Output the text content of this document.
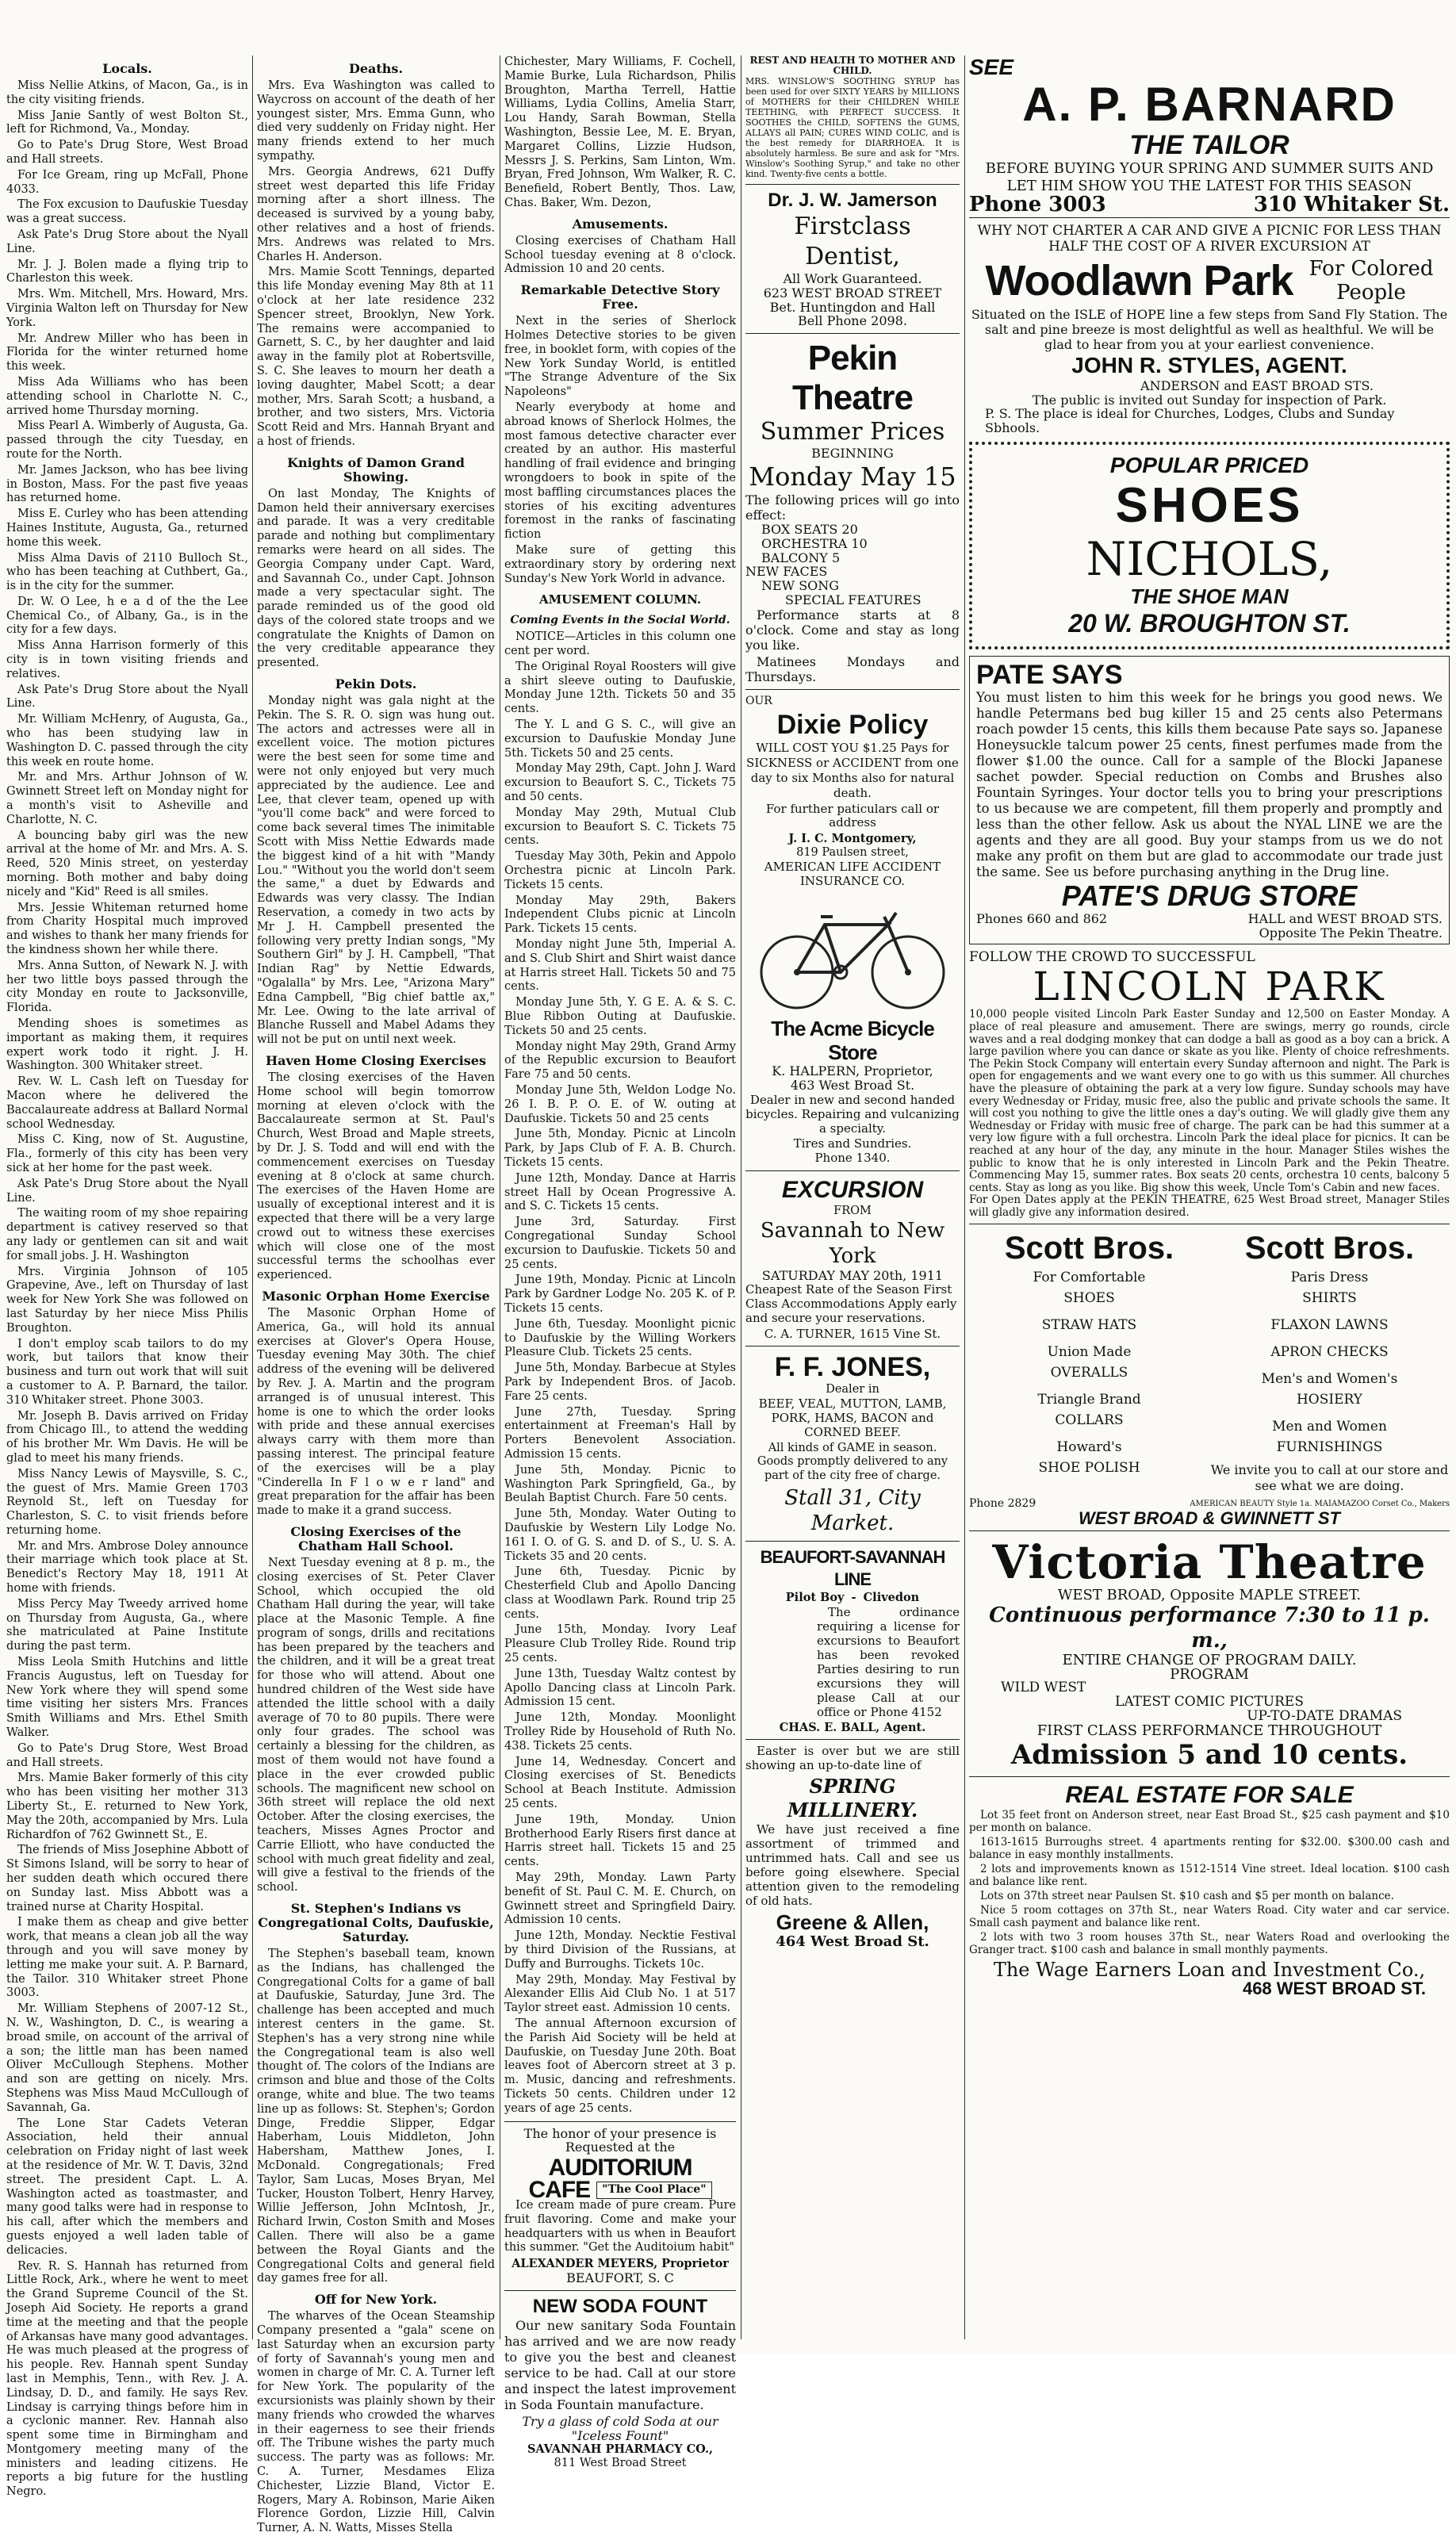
Locals.

Miss Nellie Atkins, of Macon, Ga., is in the city visiting friends.

Miss Janie Santly of west Bolton St., left for Richmond, Va., Monday.

Go to Pate's Drug Store, West Broad and Hall streets.

For Ice Gream, ring up McFall, Phone 4033.

The Fox excusion to Daufuskie Tuesday was a great success.

Ask Pate's Drug Store about the Nyall Line.

Mr. J. J. Bolen made a flying trip to Charleston this week.

Mrs. Wm. Mitchell, Mrs. Howard, Mrs. Virginia Walton left on Thursday for New York.

Mr. Andrew Miller who has been in Florida for the winter returned home this week.

Miss Ada Williams who has been attending school in Charlotte N. C., arrived home Thursday morning.

Miss Pearl A. Wimberly of Augusta, Ga. passed through the city Tuesday, en route for the North.

Mr. James Jackson, who has bee living in Boston, Mass. For the past five yeaas has returned home.

Miss E. Curley who has been attending Haines Institute, Augusta, Ga., returned home this week.

Miss Alma Davis of 2110 Bulloch St., who has been teaching at Cuthbert, Ga., is in the city for the summer.

Dr. W. O Lee, h e a d of the the Lee Chemical Co., of Albany, Ga., is in the city for a few days.

Miss Anna Harrison formerly of this city is in town visiting friends and relatives.

Ask Pate's Drug Store about the Nyall Line.

Mr. William McHenry, of Augusta, Ga., who has been studying law in Washington D. C. passed through the city this week en route home.

Mr. and Mrs. Arthur Johnson of W. Gwinnett Street left on Monday night for a month's visit to Asheville and Charlotte, N. C.

A bouncing baby girl was the new arrival at the home of Mr. and Mrs. A. S. Reed, 520 Minis street, on yesterday morning. Both mother and baby doing nicely and "Kid" Reed is all smiles.

Mrs. Jessie Whiteman returned home from Charity Hospital much improved and wishes to thank her many friends for the kindness shown her while there.

Mrs. Anna Sutton, of Newark N. J. with her two little boys passed through the city Monday en route to Jacksonville, Florida.

Mending shoes is sometimes as important as making them, it requires expert work todo it right. J. H. Washington. 300 Whitaker street.

Rev. W. L. Cash left on Tuesday for Macon where he delivered the Baccalaureate address at Ballard Normal school Wednesday.

Miss C. King, now of St. Augustine, Fla., formerly of this city has been very sick at her home for the past week.

Ask Pate's Drug Store about the Nyall Line.

The waiting room of my shoe repairing department is cativey reserved so that any lady or gentlemen can sit and wait for small jobs. J. H. Washington

Mrs. Virginia Johnson of 105 Grapevine, Ave., left on Thursday of last week for New York She was followed on last Saturday by her niece Miss Philis Broughton.

I don't employ scab tailors to do my work, but tailors that know their business and turn out work that will suit a customer to A. P. Barnard, the tailor. 310 Whitaker street. Phone 3003.

Mr. Joseph B. Davis arrived on Friday from Chicago Ill., to attend the wedding of his brother Mr. Wm Davis. He will be glad to meet his many friends.

Miss Nancy Lewis of Maysville, S. C., the guest of Mrs. Mamie Green 1703 Reynold St., left on Tuesday for Charleston, S. C. to visit friends before returning home.

Mr. and Mrs. Ambrose Doley announce their marriage which took place at St. Benedict's Rectory May 18, 1911 At home with friends.

Miss Percy May Tweedy arrived home on Thursday from Augusta, Ga., where she matriculated at Paine Institute during the past term.

Miss Leola Smith Hutchins and little Francis Augustus, left on Tuesday for New York where they will spend some time visiting her sisters Mrs. Frances Smith Williams and Mrs. Ethel Smith Walker.

Go to Pate's Drug Store, West Broad and Hall streets.

Mrs. Mamie Baker formerly of this city who has been visiting her mother 313 Liberty St., E. returned to New York, May the 20th, accompanied by Mrs. Lula Richardfon of 762 Gwinnett St., E.

The friends of Miss Josephine Abbott of St Simons Island, will be sorry to hear of her sudden death which occured there on Sunday last. Miss Abbott was a trained nurse at Charity Hospital.

I make them as cheap and give better work, that means a clean job all the way through and you will save money by letting me make your suit. A. P. Barnard, the Tailor. 310 Whitaker street Phone 3003.

Mr. William Stephens of 2007-12 St., N. W., Washington, D. C., is wearing a broad smile, on account of the arrival of a son; the little man has been named Oliver McCullough Stephens. Mother and son are getting on nicely. Mrs. Stephens was Miss Maud McCullough of Savannah, Ga.

The Lone Star Cadets Veteran Association, held their annual celebration on Friday night of last week at the residence of Mr. W. T. Davis, 32nd street. The president Capt. L. A. Washington acted as toastmaster, and many good talks were had in response to his call, after which the members and guests enjoyed a well laden table of delicacies.

Rev. R. S. Hannah has returned from Little Rock, Ark., where he went to meet the Grand Supreme Council of the St. Joseph Aid Society. He reports a grand time at the meeting and that the people of Arkansas have many good advantages. He was much pleased at the progress of his people. Rev. Hannah spent Sunday last in Memphis, Tenn., with Rev. J. A. Lindsay, D. D., and family. He says Rev. Lindsay is carrying things before him in a cyclonic manner. Rev. Hannah also spent some time in Birmingham and Montgomery meeting many of the ministers and leading citizens. He reports a big future for the hustling Negro.

Deaths.

Mrs. Eva Washington was called to Waycross on account of the death of her youngest sister, Mrs. Emma Gunn, who died very suddenly on Friday night. Her many friends extend to her much sympathy.

Mrs. Georgia Andrews, 621 Duffy street west departed this life Friday morning after a short illness. The deceased is survived by a young baby, other relatives and a host of friends. Mrs. Andrews was related to Mrs. Charles H. Anderson.

Mrs. Mamie Scott Tennings, departed this life Monday evening May 8th at 11 o'clock at her late residence 232 Spencer street, Brooklyn, New York. The remains were accompanied to Garnett, S. C., by her daughter and laid away in the family plot at Robertsville, S. C. She leaves to mourn her death a loving daughter, Mabel Scott; a dear mother, Mrs. Sarah Scott; a husband, a brother, and two sisters, Mrs. Victoria Scott Reid and Mrs. Hannah Bryant and a host of friends.

Knights of Damon Grand Showing.

On last Monday, The Knights of Damon held their anniversary exercises and parade. It was a very creditable parade and nothing but complimentary remarks were heard on all sides. The Georgia Company under Capt. Ward, and Savannah Co., under Capt. Johnson made a very spectacular sight. The parade reminded us of the good old days of the colored state troops and we congratulate the Knights of Damon on the very creditable appearance they presented.

Pekin Dots.

Monday night was gala night at the Pekin. The S. R. O. sign was hung out. The actors and actresses were all in excellent voice. The motion pictures were the best seen for some time and were not only enjoyed but very much appreciated by the audience. Lee and Lee, that clever team, opened up with "you'll come back" and were forced to come back several times The inimitable Scott with Miss Nettie Edwards made the biggest kind of a hit with "Mandy Lou." "Without you the world don't seem the same," a duet by Edwards and Edwards was very classy. The Indian Reservation, a comedy in two acts by Mr J. H. Campbell presented the following very pretty Indian songs, "My Southern Girl" by J. H. Campbell, "That Indian Rag" by Nettie Edwards, "Ogalalla" by Mrs. Lee, "Arizona Mary" Edna Campbell, "Big chief battle ax," Mr. Lee. Owing to the late arrival of Blanche Russell and Mabel Adams they will not be put on until next week.

Haven Home Closing Exercises

The closing exercises of the Haven Home school will begin tomorrow morning at eleven o'clock with the Baccalaureate sermon at St. Paul's Church, West Broad and Maple streets, by Dr. J. S. Todd and will end with the commencement exercises on Tuesday evening at 8 o'clock at same church. The exercises of the Haven Home are usually of exceptional interest and it is expected that there will be a very large crowd out to witness these exercises which will close one of the most successful terms the schoolhas ever experienced.

Masonic Orphan Home Exercise

The Masonic Orphan Home of America, Ga., will hold its annual exercises at Glover's Opera House, Tuesday evening May 30th. The chief address of the evening will be delivered by Rev. J. A. Martin and the program arranged is of unusual interest. This home is one to which the order looks with pride and these annual exercises always carry with them more than passing interest. The principal feature of the exercises will be a play "Cinderella In F l o w e r land" and great preparation for the affair has been made to make it a grand success.

Closing Exercises of the Chatham Hall School.

Next Tuesday evening at 8 p. m., the closing exercises of St. Peter Claver School, which occupied the old Chatham Hall during the year, will take place at the Masonic Temple. A fine program of songs, drills and recitations has been prepared by the teachers and the children, and it will be a great treat for those who will attend. About one hundred children of the West side have attended the little school with a daily average of 70 to 80 pupils. There were only four grades. The school was certainly a blessing for the children, as most of them would not have found a place in the ever crowded public schools. The magnificent new school on 36th street will replace the old next October. After the closing exercises, the teachers, Misses Agnes Proctor and Carrie Elliott, who have conducted the school with much great fidelity and zeal, will give a festival to the friends of the school.

St. Stephen's Indians vs Congregational Colts, Daufuskie, Saturday.

The Stephen's baseball team, known as the Indians, has challenged the Congregational Colts for a game of ball at Daufuskie, Saturday, June 3rd. The challenge has been accepted and much interest centers in the game. St. Stephen's has a very strong nine while the Congregational team is also well thought of. The colors of the Indians are crimson and blue and those of the Colts orange, white and blue. The two teams line up as follows: St. Stephen's; Gordon Dinge, Freddie Slipper, Edgar Haberham, Louis Middleton, John Habersham, Matthew Jones, I. McDonald. Congregationals; Fred Taylor, Sam Lucas, Moses Bryan, Mel Tucker, Houston Tolbert, Henry Harvey, Willie Jefferson, John McIntosh, Jr., Richard Irwin, Coston Smith and Moses Callen. There will also be a game between the Royal Giants and the Congregational Colts and general field day games free for all.

Off for New York.

The wharves of the Ocean Steamship Company presented a "gala" scene on last Saturday when an excursion party of forty of Savannah's young men and women in charge of Mr. C. A. Turner left for New York. The popularity of the excursionists was plainly shown by their many friends who crowded the wharves in their eagerness to see their friends off. The Tribune wishes the party much success. The party was as follows: Mr. C. A. Turner, Mesdames Eliza Chichester, Lizzie Bland, Victor E. Rogers, Mary A. Robinson, Marie Aiken Florence Gordon, Lizzie Hill, Calvin Turner, A. N. Watts, Misses Stella

Chichester, Mary Williams, F. Cochell, Mamie Burke, Lula Richardson, Philis Broughton, Martha Terrell, Hattie Williams, Lydia Collins, Amelia Starr, Lou Handy, Sarah Bowman, Stella Washington, Bessie Lee, M. E. Bryan, Margaret Collins, Lizzie Hudson, Messrs J. S. Perkins, Sam Linton, Wm. Bryan, Fred Johnson, Wm Walker, R. C. Benefield, Robert Bently, Thos. Law, Chas. Baker, Wm. Dezon,

Amusements.

Closing exercises of Chatham Hall School tuesday evening at 8 o'clock. Admission 10 and 20 cents.

Remarkable Detective Story Free.

Next in the series of Sherlock Holmes Detective stories to be given free, in booklet form, with copies of the New York Sunday World, is entitled "The Strange Adventure of the Six Napoleons"

Nearly everybody at home and abroad knows of Sherlock Holmes, the most famous detective character ever created by an author. His masterful handling of frail evidence and bringing wrongdoers to book in spite of the most baffling circumstances places the stories of his exciting adventures foremost in the ranks of fascinating fiction

Make sure of getting this extraordinary story by ordering next Sunday's New York World in advance.

AMUSEMENT COLUMN.
Coming Events in the Social World.

NOTICE—Articles in this column one cent per word.

The Original Royal Roosters will give a shirt sleeve outing to Daufuskie, Monday June 12th. Tickets 50 and 35 cents.

The Y. L and G S. C., will give an excursion to Daufuskie Monday June 5th. Tickets 50 and 25 cents.

Monday May 29th, Capt. John J. Ward excursion to Beaufort S. C., Tickets 75 and 50 cents.

Monday May 29th, Mutual Club excursion to Beaufort S. C. Tickets 75 cents.

Tuesday May 30th, Pekin and Appolo Orchestra picnic at Lincoln Park. Tickets 15 cents.

Monday May 29th, Bakers Independent Clubs picnic at Lincoln Park. Tickets 15 cents.

Monday night June 5th, Imperial A. and S. Club Shirt and Shirt waist dance at Harris street Hall. Tickets 50 and 75 cents.

Monday June 5th, Y. G E. A. & S. C. Blue Ribbon Outing at Daufuskie. Tickets 50 and 25 cents.

Monday night May 29th, Grand Army of the Republic excursion to Beaufort Fare 75 and 50 cents.

Monday June 5th, Weldon Lodge No. 26 I. B. P. O. E. of W. outing at Daufuskie. Tickets 50 and 25 cents

June 5th, Monday. Picnic at Lincoln Park, by Japs Club of F. A. B. Church. Tickets 15 cents.

June 12th, Monday. Dance at Harris street Hall by Ocean Progressive A. and S. C. Tickets 15 cents.

June 3rd, Saturday. First Congregational Sunday School excursion to Daufuskie. Tickets 50 and 25 cents.

June 19th, Monday. Picnic at Lincoln Park by Gardner Lodge No. 205 K. of P. Tickets 15 cents.

June 6th, Tuesday. Moonlight picnic to Daufuskie by the Willing Workers Pleasure Club. Tickets 25 cents.

June 5th, Monday. Barbecue at Styles Park by Independent Bros. of Jacob. Fare 25 cents.

June 27th, Tuesday. Spring entertainment at Freeman's Hall by Porters Benevolent Association. Admission 15 cents.

June 5th, Monday. Picnic to Washington Park Springfield, Ga., by Beulah Baptist Church. Fare 50 cents.

June 5th, Monday. Water Outing to Daufuskie by Western Lily Lodge No. 161 I. O. of G. S. and D. of S., U. S. A. Tickets 35 and 20 cents.

June 6th, Tuesday. Picnic by Chesterfield Club and Apollo Dancing class at Woodlawn Park. Round trip 25 cents.

June 15th, Monday. Ivory Leaf Pleasure Club Trolley Ride. Round trip 25 cents.

June 13th, Tuesday Waltz contest by Apollo Dancing class at Lincoln Park. Admission 15 cent.

June 12th, Monday. Moonlight Trolley Ride by Household of Ruth No. 438. Tickets 25 cents.

June 14, Wednesday. Concert and Closing exercises of St. Benedicts School at Beach Institute. Admission 25 cents.

June 19th, Monday. Union Brotherhood Early Risers first dance at Harris street hall. Tickets 15 and 25 cents.

May 29th, Monday. Lawn Party benefit of St. Paul C. M. E. Church, on Gwinnett street and Springfield Dairy. Admission 10 cents.

June 12th, Monday. Necktie Festival by third Division of the Russians, at Duffy and Burroughs. Tickets 10c.

May 29th, Monday. May Festival by Alexander Ellis Aid Club No. 1 at 517 Taylor street east. Admission 10 cents.

The annual Afternoon excursion of the Parish Aid Society will be held at Daufuskie, on Tuesday June 20th. Boat leaves foot of Abercorn street at 3 p. m. Music, dancing and refreshments. Tickets 50 cents. Children under 12 years of age 25 cents.

The honor of your presence is
Requested at the
AUDITORIUM
CAFE	"The Cool Place"

Ice cream made of pure cream. Pure fruit flavoring. Come and make your headquarters with us when in Beaufort this summer. "Get the Auditoium habit"

ALEXANDER MEYERS, Proprietor
BEAUFORT, S. C
NEW SODA FOUNT

Our new sanitary Soda Fountain has arrived and we are now ready to give you the best and cleanest service to be had. Call at our store and inspect the latest improvement in Soda Fountain manufacture.

Try a glass of cold Soda at our "Iceless Fount"
SAVANNAH PHARMACY CO.,
811 West Broad Street
REST AND HEALTH TO MOTHER AND CHILD.
MRS. WINSLOW'S SOOTHING SYRUP has been used for over SIXTY YEARS by MILLIONS of MOTHERS for their CHILDREN WHILE TEETHING, with PERFECT SUCCESS. It SOOTHES the CHILD, SOFTENS the GUMS, ALLAYS all PAIN; CURES WIND COLIC, and is the best remedy for DIARRHOEA. It is absolutely harmless. Be sure and ask for "Mrs. Winslow's Soothing Syrup," and take no other kind. Twenty-five cents a bottle.
Dr. J. W. Jamerson
Firstclass Dentist,
All Work Guaranteed.
623 WEST BROAD STREET
Bet. Huntingdon and Hall
Bell Phone 2098.
Pekin Theatre
Summer Prices
BEGINNING
Monday May 15
The following prices will go into effect:
BOX SEATS 20
ORCHESTRA 10
BALCONY 5
NEW FACES
NEW SONG
SPECIAL FEATURES

Performance starts at 8 o'clock. Come and stay as long you like.

Matinees Mondays and Thursdays.

OUR
Dixie Policy

WILL COST YOU $1.25 Pays for SICKNESS or ACCIDENT from one day to six Months also for natural death.

For further paticulars call or address

J. I. C. Montgomery,
819 Paulsen street,
AMERICAN LIFE ACCIDENT INSURANCE CO.
The Acme Bicycle Store
K. HALPERN, Proprietor,
463 West Broad St.

Dealer in new and second handed bicycles. Repairing and vulcanizing a specialty.

Tires and Sundries.
Phone 1340.
EXCURSION
FROM
Savannah to New York
SATURDAY MAY 20th, 1911

Cheapest Rate of the Season First Class Accommodations Apply early and secure your reservations.

C. A. TURNER, 1615 Vine St.
F. F. JONES,
Dealer in

BEEF, VEAL, MUTTON, LAMB, PORK, HAMS, BACON and CORNED BEEF.

All kinds of GAME in season.

Goods promptly delivered to any part of the city free of charge.

Stall 31, City Market.
BEAUFORT-SAVANNAH LINE
Pilot Boy - Clivedon

The ordinance requiring a license for excursions to Beaufort has been revoked Parties desiring to run excursions they will please Call at our office or Phone 4152

CHAS. E. BALL, Agent.

Easter is over but we are still showing an up-to-date line of

SPRING MILLINERY.

We have just received a fine assortment of trimmed and untrimmed hats. Call and see us before going elsewhere. Special attention given to the remodeling of old hats.

Greene & Allen,
464 West Broad St.
SEE
A. P. BARNARD
THE TAILOR
BEFORE BUYING YOUR SPRING AND SUMMER SUITS AND LET HIM SHOW YOU THE LATEST FOR THIS SEASON
Phone 3003	310 Whitaker St.
WHY NOT CHARTER A CAR AND GIVE A PICNIC FOR LESS THAN HALF THE COST OF A RIVER EXCURSION AT
Woodlawn Park For Colored
People
Situated on the ISLE of HOPE line a few steps from Sand Fly Station. The salt and pine breeze is most delightful as well as healthful. We will be glad to hear from you at your earliest convenience.
JOHN R. STYLES, AGENT.
ANDERSON and EAST BROAD STS.
The public is invited out Sunday for inspection of Park.
P. S. The place is ideal for Churches, Lodges, Clubs and Sunday Sbhools.
POPULAR PRICED
SHOES
NICHOLS,
THE SHOE MAN
20 W. BROUGHTON ST.
PATE SAYS
You must listen to him this week for he brings you good news. We handle Petermans bed bug killer 15 and 25 cents also Petermans roach powder 15 cents, this kills them because Pate says so. Japanese Honeysuckle talcum power 25 cents, finest perfumes made from the flower $1.00 the ounce. Call for a sample of the Blocki Japanese sachet powder. Special reduction on Combs and Brushes also Fountain Syringes. Your doctor tells you to bring your prescriptions to us because we are competent, fill them properly and promptly and less than the other fellow. Ask us about the NYAL LINE we are the agents and they are all good. Buy your stamps from us we do not make any profit on them but are glad to accommodate our trade just the same. See us before purchasing anything in the Drug line.
PATE'S DRUG STORE
Phones 660 and 862	HALL and WEST BROAD STS.
Opposite The Pekin Theatre.
FOLLOW THE CROWD TO SUCCESSFUL
LINCOLN PARK
10,000 people visited Lincoln Park Easter Sunday and 12,500 on Easter Monday. A place of real pleasure and amusement. There are swings, merry go rounds, circle waves and a real dodging monkey that can dodge a ball as good as a boy can a brick. A large pavilion where you can dance or skate as you like. Plenty of choice refreshments. The Pekin Stock Company will entertain every Sunday afternoon and night. The Park is open for engagements and we want every one to go with us this summer. All churches have the pleasure of obtaining the park at a very low figure. Sunday schools may have every Wednesday or Friday, music free, also the public and private schools the same. It will cost you nothing to give the little ones a day's outing. We will gladly give them any Wednesday or Friday with music free of charge. The park can be had this summer at a very low figure with a full orchestra. Lincoln Park the ideal place for picnics. It can be reached at any hour of the day, any minute in the hour. Manager Stiles wishes the public to know that he is only interested in Lincoln Park and the Pekin Theatre. Commencing May 15, summer rates. Box seats 20 cents, orchestra 10 cents, balcony 5 cents. Stay as long as you like. Big show this week, Uncle Tom's Cabin and new faces.
For Open Dates apply at the PEKIN THEATRE, 625 West Broad street, Manager Stiles will gladly give any information desired.
Scott Bros.
For Comfortable
SHOES
STRAW HATS
Union Made
OVERALLS
Triangle Brand
COLLARS
Howard's
SHOE POLISH
Scott Bros.
Paris Dress
SHIRTS
FLAXON LAWNS
APRON CHECKS
Men's and Women's
HOSIERY
Men and Women
FURNISHINGS
We invite you to call at our store and see what we are doing.
Phone 2829	AMERICAN BEAUTY Style 1a. MAIAMAZOO Corset Co., Makers
WEST BROAD & GWINNETT ST
Victoria Theatre
WEST BROAD, Opposite MAPLE STREET.
Continuous performance 7:30 to 11 p. m.,
ENTIRE CHANGE OF PROGRAM DAILY.
PROGRAM
WILD WEST
LATEST COMIC PICTURES
UP-TO-DATE DRAMAS
FIRST CLASS PERFORMANCE THROUGHOUT
Admission 5 and 10 cents.
REAL ESTATE FOR SALE

Lot 35 feet front on Anderson street, near East Broad St., $25 cash payment and $10 per month on balance.

1613-1615 Burroughs street. 4 apartments renting for $32.00. $300.00 cash and balance in easy monthly installments.

2 lots and improvements known as 1512-1514 Vine street. Ideal location. $100 cash and balance like rent.

Lots on 37th street near Paulsen St. $10 cash and $5 per month on balance.

Nice 5 room cottages on 37th St., near Waters Road. City water and car service. Small cash payment and balance like rent.

2 lots with two 3 room houses 37th St., near Waters Road and overlooking the Granger tract. $100 cash and balance in small monthly payments.

The Wage Earners Loan and Investment Co.,
468 WEST BROAD ST.
